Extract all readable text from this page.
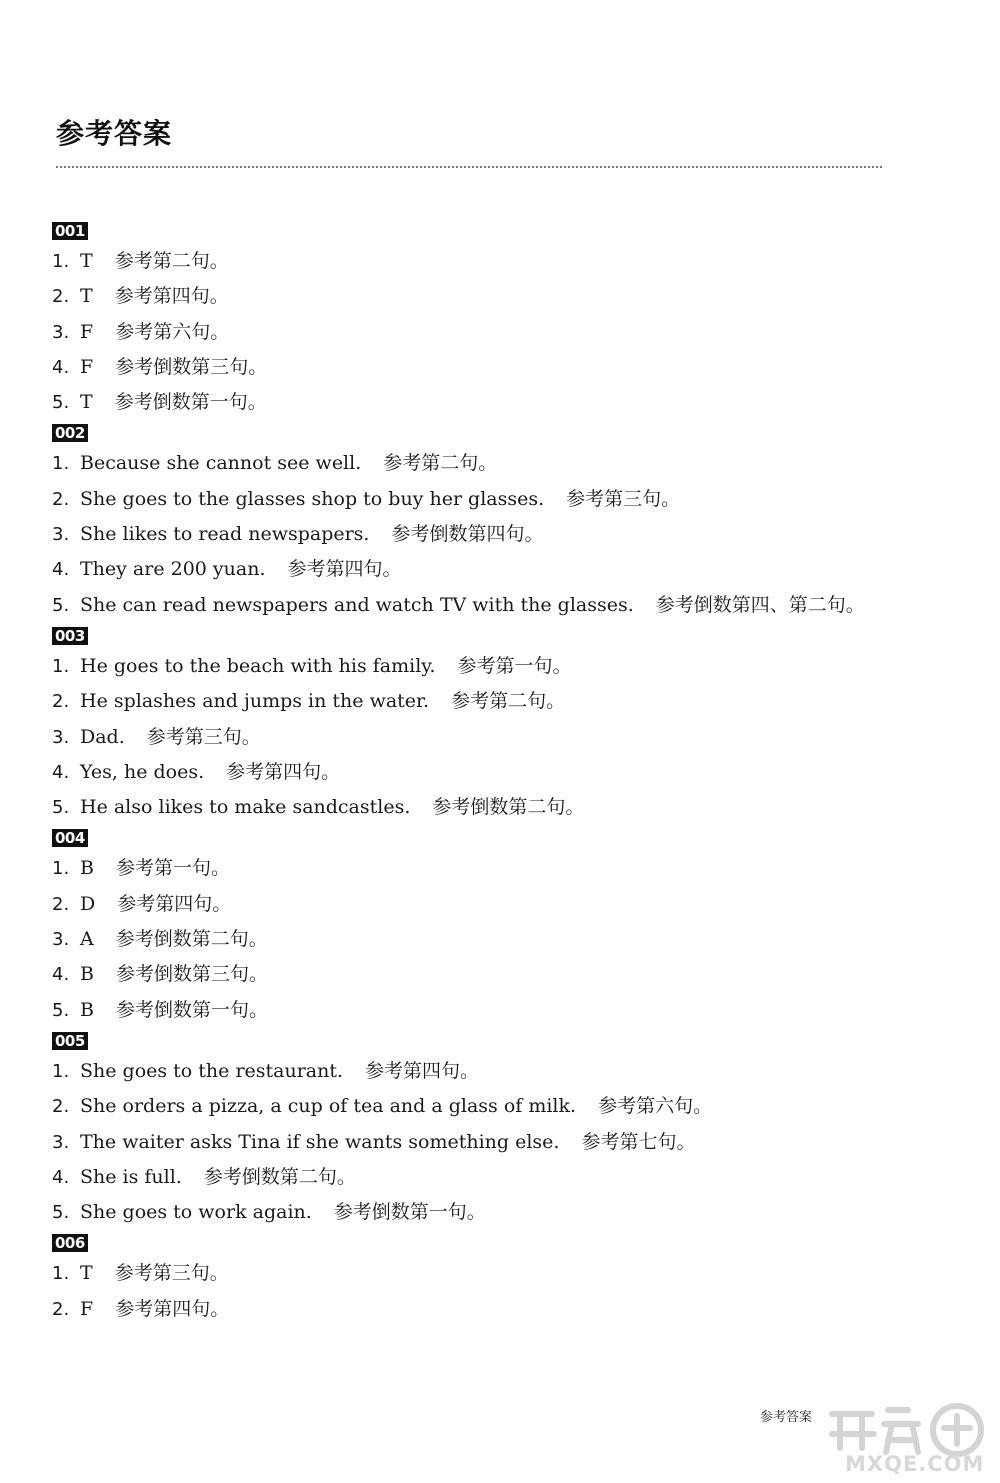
参考答案
001
1. T 参考第二句。
2. T 参考第四句。
3. F 参考第六句。
4. F 参考倒数第三句。
5. T 参考倒数第一句。
002
1. Because she cannot see well. 参考第二句。
2. She goes to the glasses shop to buy her glasses. 参考第三句。
3. She likes to read newspapers. 参考倒数第四句。
4. They are 200 yuan. 参考第四句。
5. She can read newspapers and watch TV with the glasses. 参考倒数第四、第二句。
003
1. He goes to the beach with his family. 参考第一句。
2. He splashes and jumps in the water. 参考第二句。
3. Dad. 参考第三句。
4. Yes, he does. 参考第四句。
5. He also likes to make sandcastles. 参考倒数第二句。
004
1. B 参考第一句。
2. D 参考第四句。
3. A 参考倒数第二句。
4. B 参考倒数第三句。
5. B 参考倒数第一句。
005
1. She goes to the restaurant. 参考第四句。
2. She orders a pizza, a cup of tea and a glass of milk. 参考第六句。
3. The waiter asks Tina if she wants something else. 参考第七句。
4. She is full. 参考倒数第二句。
5. She goes to work again. 参考倒数第一句。
006
1. T 参考第三句。
2. F 参考第四句。
参考答案
MXQE.COM
